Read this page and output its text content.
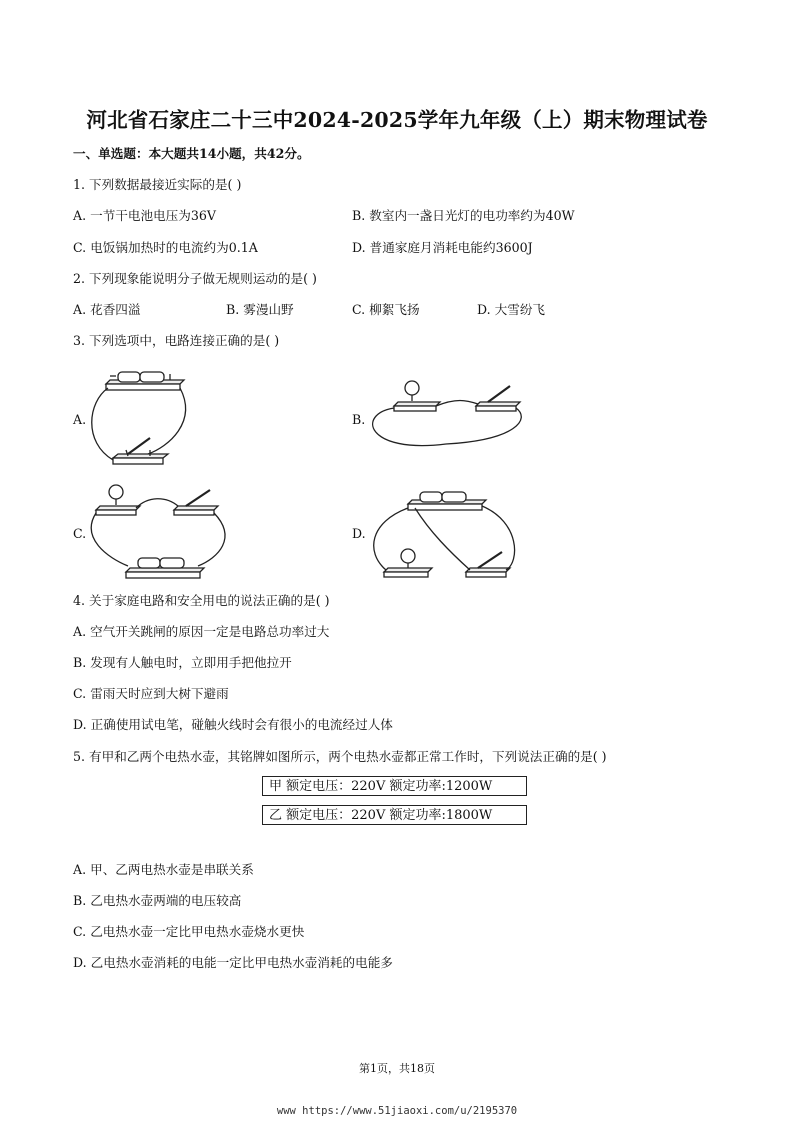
河北省石家庄二十三中2024-2025学年九年级（上）期末物理试卷
一、单选题：本大题共14小题，共42分。
1. 下列数据最接近实际的是( )
A. 一节干电池电压为36V	B. 教室内一盏日光灯的电功率约为40W
C. 电饭锅加热时的电流约为0.1A	D. 普通家庭月消耗电能约3600J
2. 下列现象能说明分子做无规则运动的是( )
A. 花香四溢	B. 雾漫山野	C. 柳絮飞扬	D. 大雪纷飞
3. 下列选项中，电路连接正确的是( )
A.	B.
C.	D.
4. 关于家庭电路和安全用电的说法正确的是( )
A. 空气开关跳闸的原因一定是电路总功率过大
B. 发现有人触电时，立即用手把他拉开
C. 雷雨天时应到大树下避雨
D. 正确使用试电笔，碰触火线时会有很小的电流经过人体
5. 有甲和乙两个电热水壶，其铭牌如图所示，两个电热水壶都正常工作时，下列说法正确的是( )
甲 额定电压：220V 额定功率:1200W
乙 额定电压：220V 额定功率:1800W
A. 甲、乙两电热水壶是串联关系
B. 乙电热水壶两端的电压较高
C. 乙电热水壶一定比甲电热水壶烧水更快
D. 乙电热水壶消耗的电能一定比甲电热水壶消耗的电能多
第1页，共18页
www https://www.51jiaoxi.com/u/2195370
